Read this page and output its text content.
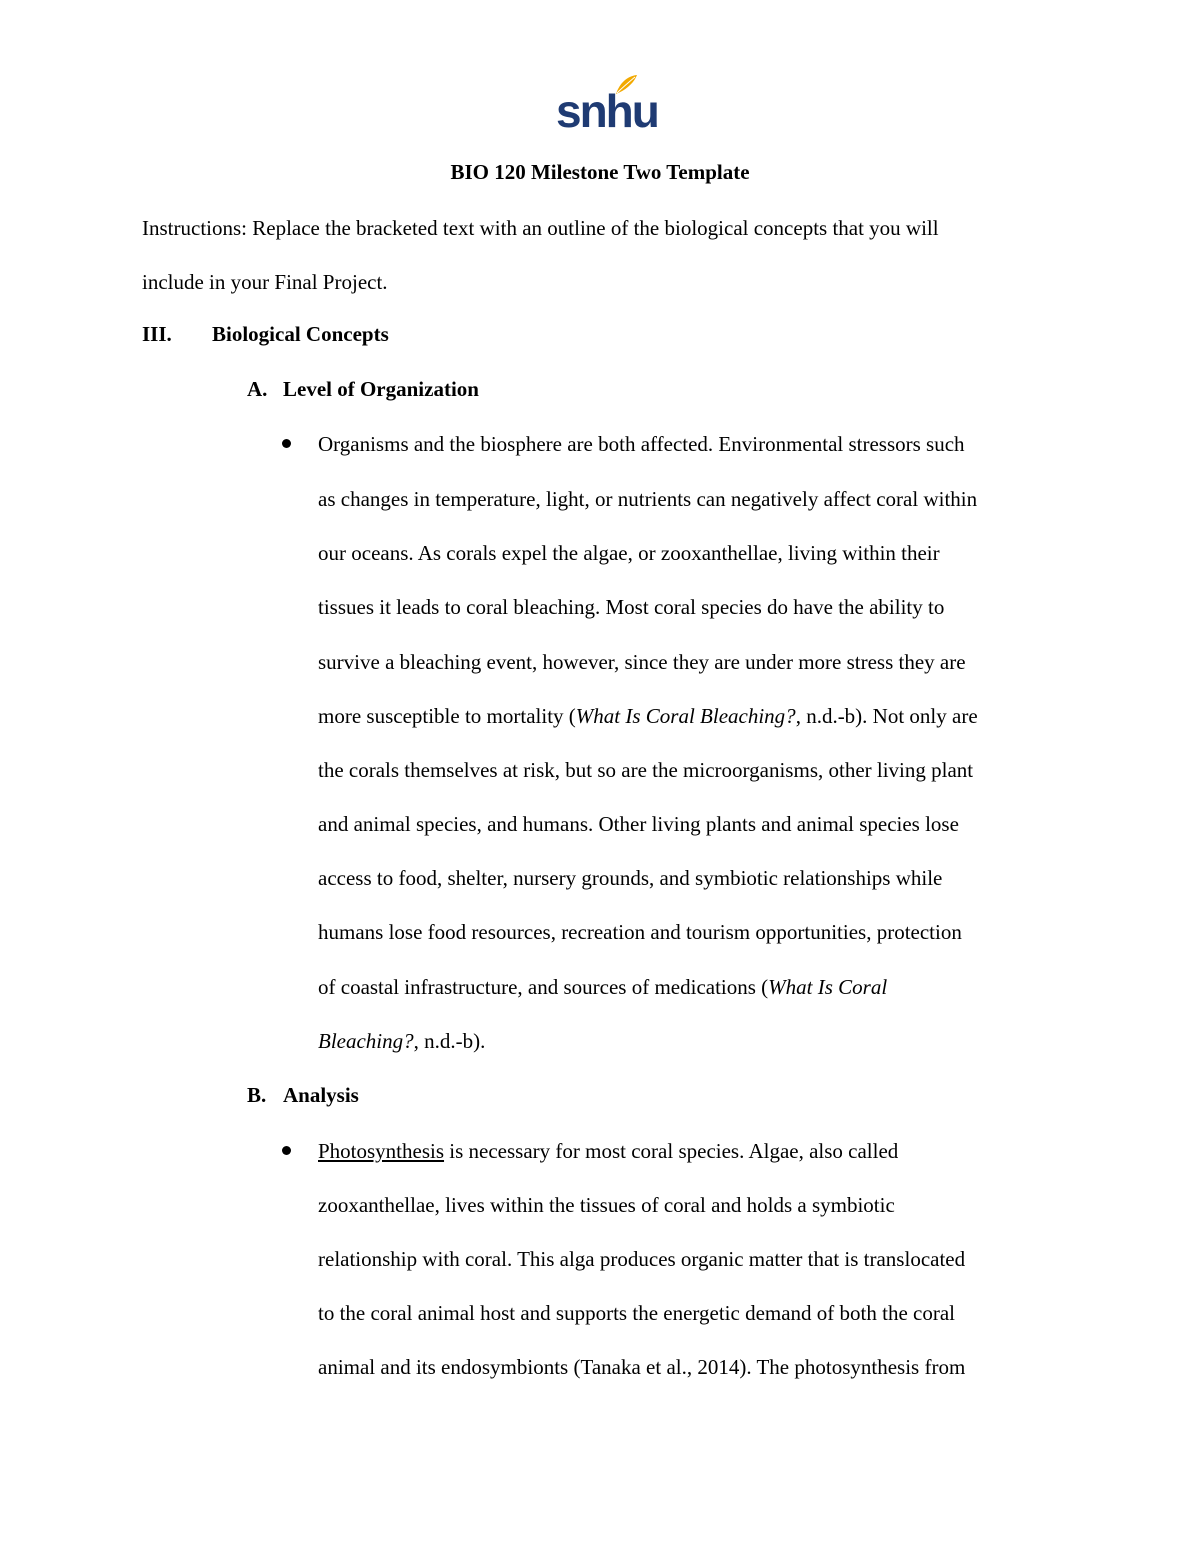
snhu
BIO 120 Milestone Two Template
Instructions: Replace the bracketed text with an outline of the biological concepts that you will
include in your Final Project.
III. Biological Concepts
A. Level of Organization
Organisms and the biosphere are both affected. Environmental stressors such
as changes in temperature, light, or nutrients can negatively affect coral within
our oceans. As corals expel the algae, or zooxanthellae, living within their
tissues it leads to coral bleaching. Most coral species do have the ability to
survive a bleaching event, however, since they are under more stress they are
more susceptible to mortality (What Is Coral Bleaching?, n.d.-b). Not only are
the corals themselves at risk, but so are the microorganisms, other living plant
and animal species, and humans. Other living plants and animal species lose
access to food, shelter, nursery grounds, and symbiotic relationships while
humans lose food resources, recreation and tourism opportunities, protection
of coastal infrastructure, and sources of medications (What Is Coral
Bleaching?, n.d.-b).
B. Analysis
Photosynthesis is necessary for most coral species. Algae, also called
zooxanthellae, lives within the tissues of coral and holds a symbiotic
relationship with coral. This alga produces organic matter that is translocated
to the coral animal host and supports the energetic demand of both the coral
animal and its endosymbionts (Tanaka et al., 2014). The photosynthesis from
